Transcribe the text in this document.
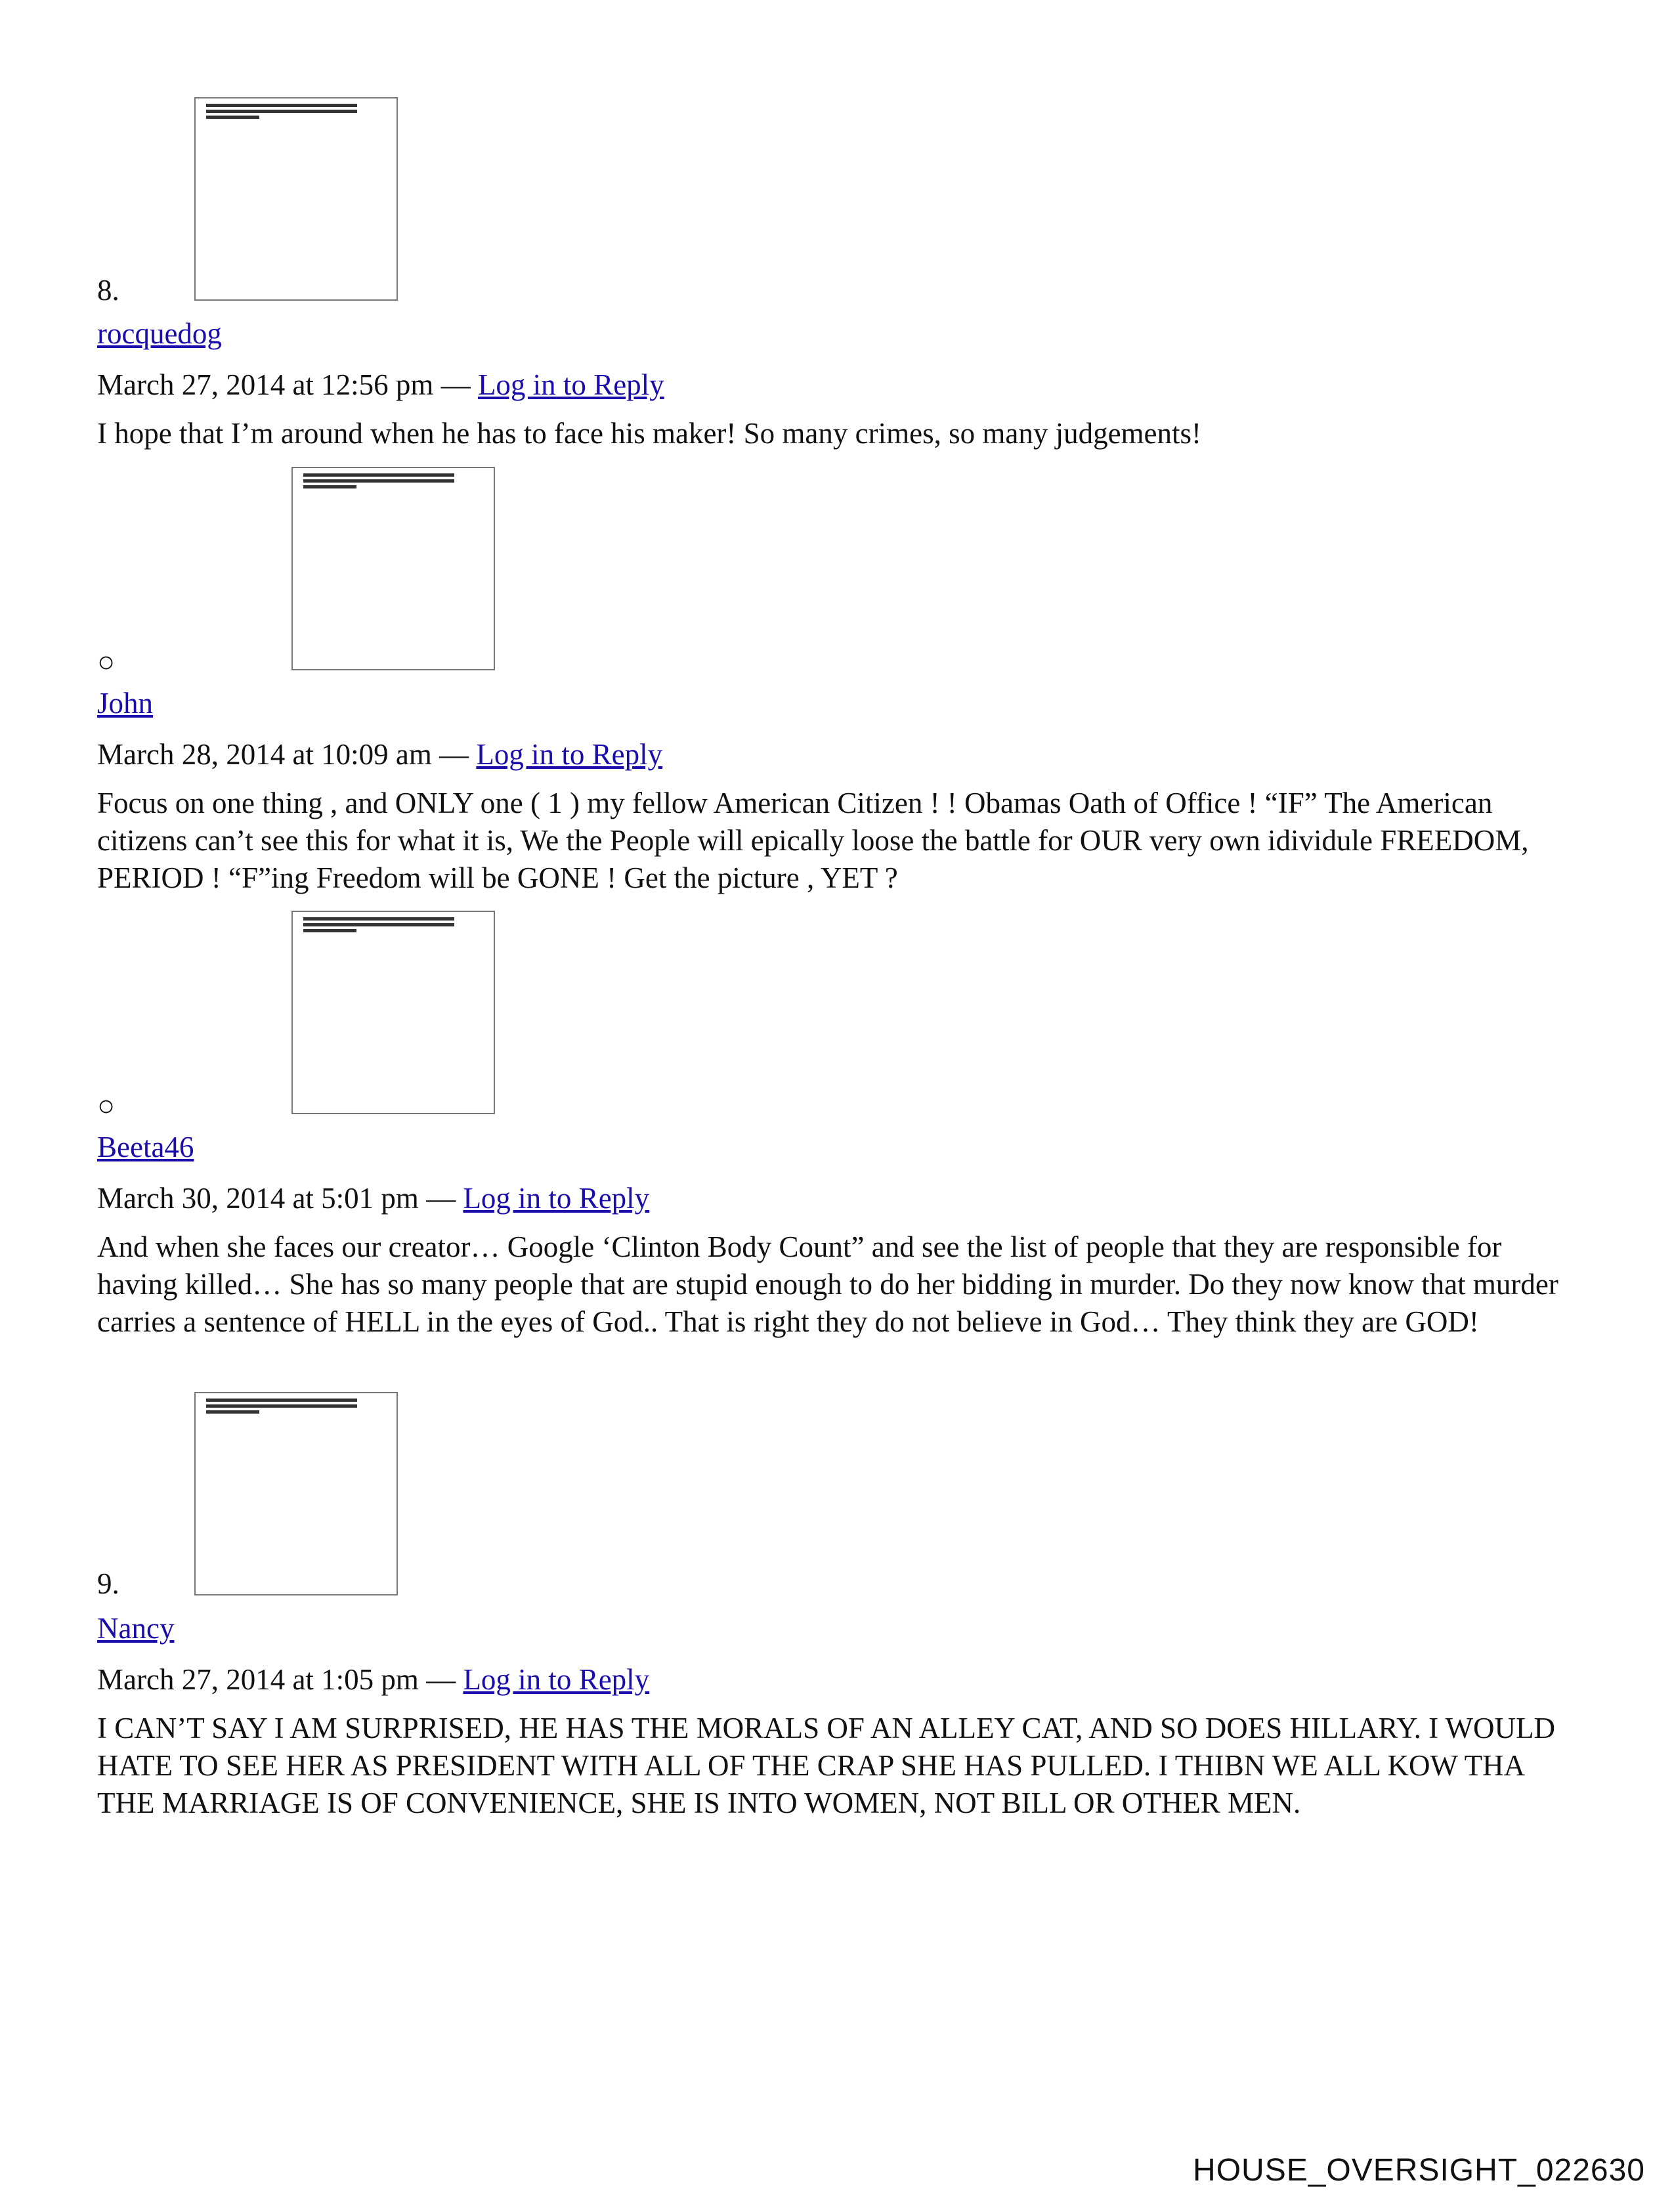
8.
rocquedog
March 27, 2014 at 12:56 pm — Log in to Reply

I hope that I’m around when he has to face his maker! So many crimes, so many judgements!

○
John
March 28, 2014 at 10:09 am — Log in to Reply

Focus on one thing , and ONLY one ( 1 ) my fellow American Citizen ! ! Obamas Oath of Office ! “IF” The American citizens can’t see this for what it is, We the People will epically loose the battle for OUR very own idividule FREEDOM, PERIOD ! “F”ing Freedom will be GONE ! Get the picture , YET ?

○
Beeta46
March 30, 2014 at 5:01 pm — Log in to Reply

And when she faces our creator… Google ‘Clinton Body Count” and see the list of people that they are responsible for having killed… She has so many people that are stupid enough to do her bidding in murder. Do they now know that murder carries a sentence of HELL in the eyes of God.. That is right they do not believe in God… They think they are GOD!

9.
Nancy
March 27, 2014 at 1:05 pm — Log in to Reply

I CAN’T SAY I AM SURPRISED, HE HAS THE MORALS OF AN ALLEY CAT, AND SO DOES HILLARY. I WOULD HATE TO SEE HER AS PRESIDENT WITH ALL OF THE CRAP SHE HAS PULLED. I THIBN WE ALL KOW THA THE MARRIAGE IS OF CONVENIENCE, SHE IS INTO WOMEN, NOT BILL OR OTHER MEN.

HOUSE_OVERSIGHT_022630
